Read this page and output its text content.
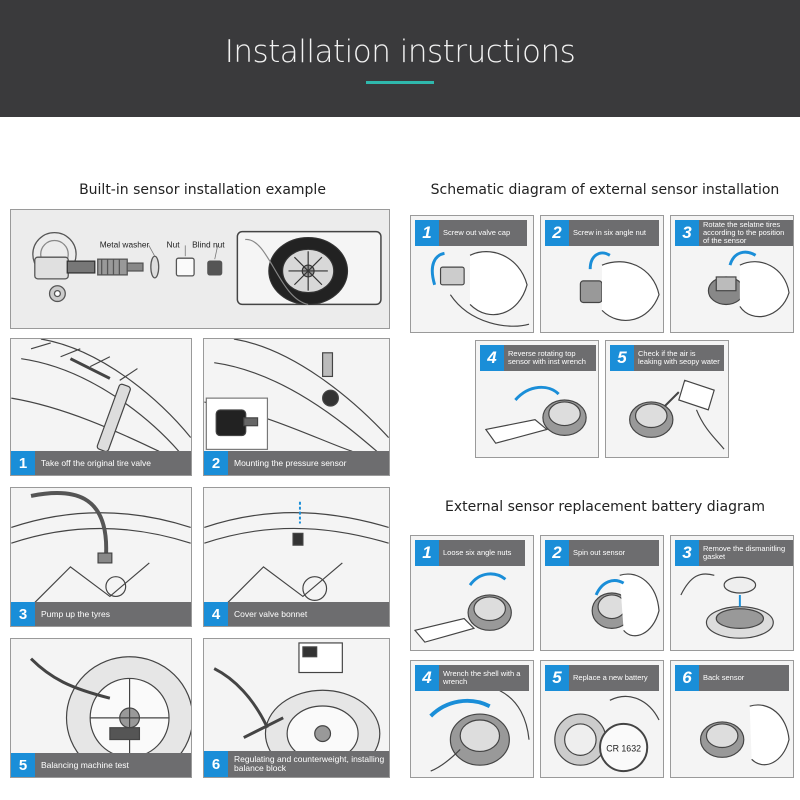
Installation instructions
Built-in sensor installation example
Metal washer Nut Blind nut
1	Take off the original tire valve	2	Mounting the pressure sensor
3	Pump up the tyres	4	Cover valve bonnet
5	Balancing machine test	6	Regulating and counterweight, installing balance block
Schematic diagram of external sensor installation
1	Screw out valve cap	2	Screw in six angle nut	3	Rotate the selatne tires according to the position of the sensor
4	Reverse rotating top sensor with inst wrench	5	Check if the air is leaking with seopy water
External sensor replacement battery diagram
1	Loose six angle nuts	2	Spin out sensor	3	Remove the dismanitling gasket
4	Wrench the shell with a wrench
CR 1632
5	Replace a new battery	6	Back sensor
